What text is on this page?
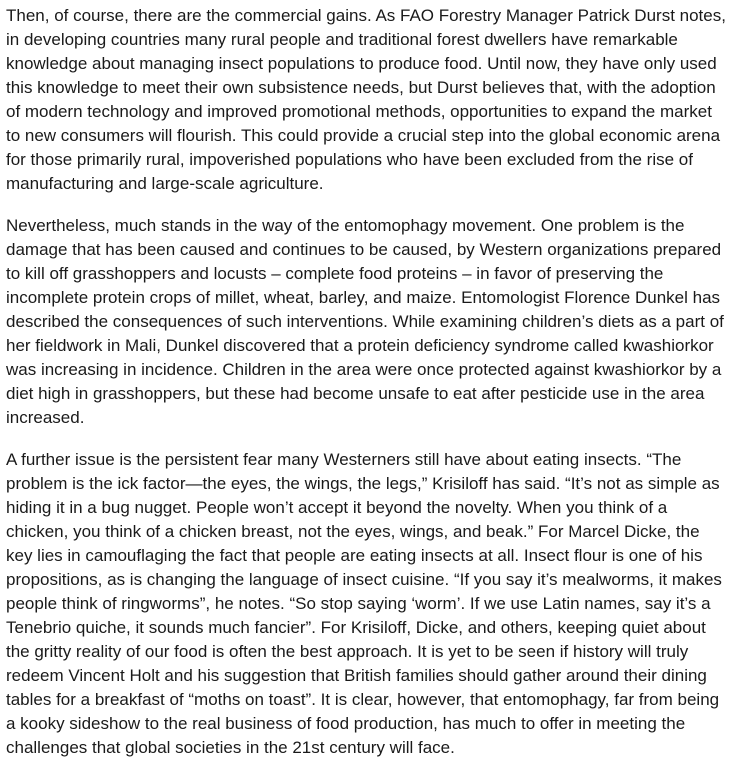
Then, of course, there are the commercial gains. As FAO Forestry Manager Patrick Durst notes,
in developing countries many rural people and traditional forest dwellers have remarkable
knowledge about managing insect populations to produce food. Until now, they have only used
this knowledge to meet their own subsistence needs, but Durst believes that, with the adoption
of modern technology and improved promotional methods, opportunities to expand the market
to new consumers will flourish. This could provide a crucial step into the global economic arena
for those primarily rural, impoverished populations who have been excluded from the rise of
manufacturing and large-scale agriculture.

Nevertheless, much stands in the way of the entomophagy movement. One problem is the
damage that has been caused and continues to be caused, by Western organizations prepared
to kill off grasshoppers and locusts – complete food proteins – in favor of preserving the
incomplete protein crops of millet, wheat, barley, and maize. Entomologist Florence Dunkel has
described the consequences of such interventions. While examining children’s diets as a part of
her fieldwork in Mali, Dunkel discovered that a protein deficiency syndrome called kwashiorkor
was increasing in incidence. Children in the area were once protected against kwashiorkor by a
diet high in grasshoppers, but these had become unsafe to eat after pesticide use in the area
increased.

A further issue is the persistent fear many Westerners still have about eating insects. “The
problem is the ick factor—the eyes, the wings, the legs,” Krisiloff has said. “It’s not as simple as
hiding it in a bug nugget. People won’t accept it beyond the novelty. When you think of a
chicken, you think of a chicken breast, not the eyes, wings, and beak.” For Marcel Dicke, the
key lies in camouflaging the fact that people are eating insects at all. Insect flour is one of his
propositions, as is changing the language of insect cuisine. “If you say it’s mealworms, it makes
people think of ringworms”, he notes. “So stop saying ‘worm’. If we use Latin names, say it’s a
Tenebrio quiche, it sounds much fancier”. For Krisiloff, Dicke, and others, keeping quiet about
the gritty reality of our food is often the best approach. It is yet to be seen if history will truly
redeem Vincent Holt and his suggestion that British families should gather around their dining
tables for a breakfast of “moths on toast”. It is clear, however, that entomophagy, far from being
a kooky sideshow to the real business of food production, has much to offer in meeting the
challenges that global societies in the 21st century will face.
